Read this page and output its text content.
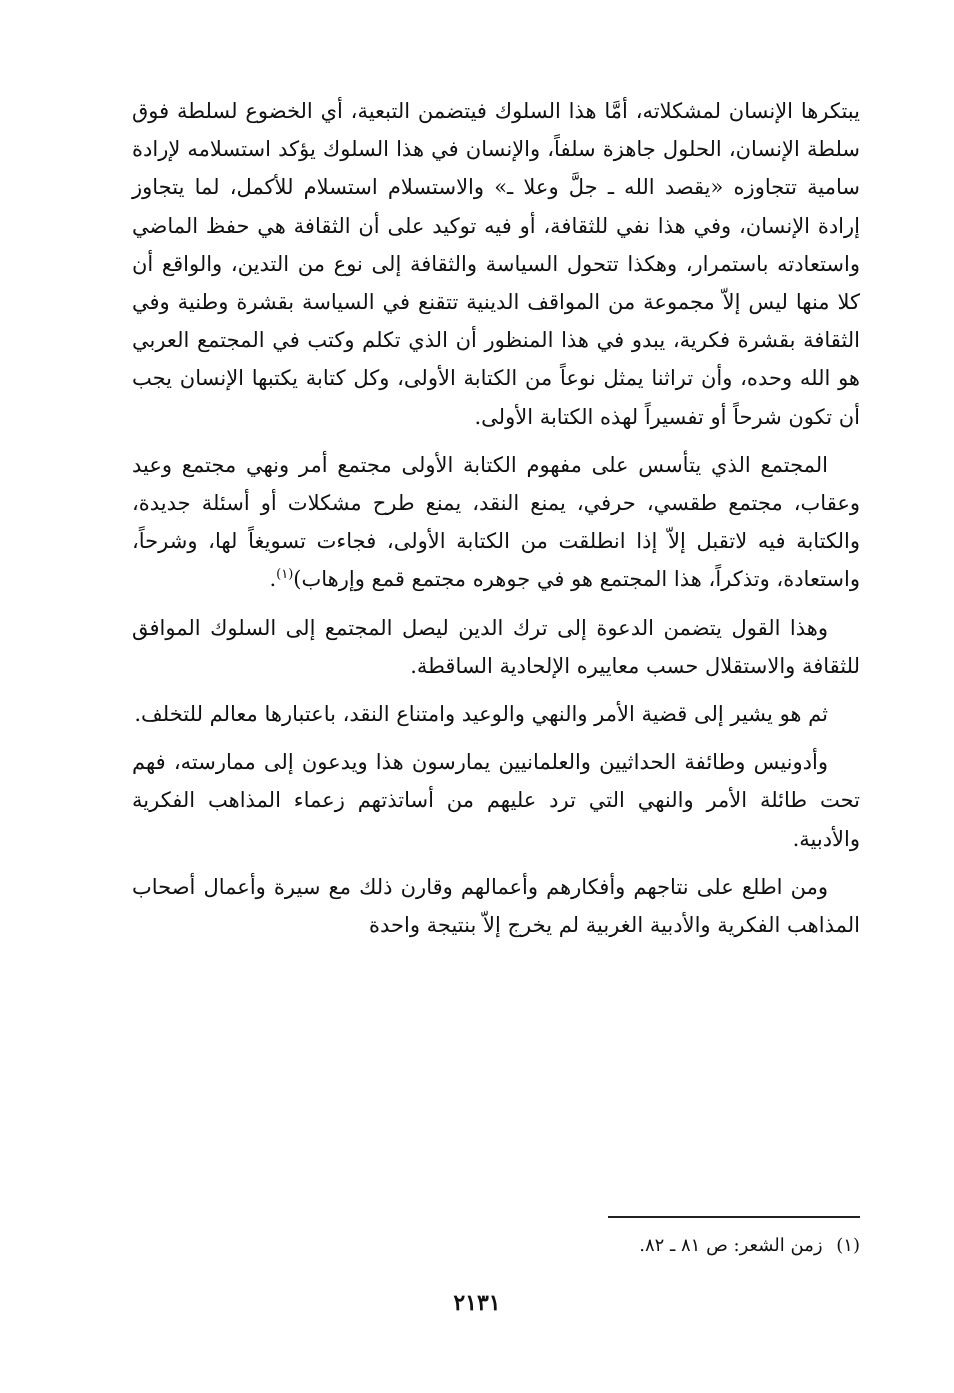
يبتكرها الإنسان لمشكلاته، أمَّا هذا السلوك فيتضمن التبعية، أي الخضوع لسلطة فوق سلطة الإنسان، الحلول جاهزة سلفاً، والإنسان في هذا السلوك يؤكد استسلامه لإرادة سامية تتجاوزه «يقصد الله ـ جلَّ وعلا ـ» والاستسلام استسلام للأكمل، لما يتجاوز إرادة الإنسان، وفي هذا نفي للثقافة، أو فيه توكيد على أن الثقافة هي حفظ الماضي واستعادته باستمرار، وهكذا تتحول السياسة والثقافة إلى نوع من التدين، والواقع أن كلا منها ليس إلاّ مجموعة من المواقف الدينية تتقنع في السياسة بقشرة وطنية وفي الثقافة بقشرة فكرية، يبدو في هذا المنظور أن الذي تكلم وكتب في المجتمع العربي هو الله وحده، وأن تراثنا يمثل نوعاً من الكتابة الأولى، وكل كتابة يكتبها الإنسان يجب أن تكون شرحاً أو تفسيراً لهذه الكتابة الأولى.

المجتمع الذي يتأسس على مفهوم الكتابة الأولى مجتمع أمر ونهي مجتمع وعيد وعقاب، مجتمع طقسي، حرفي، يمنع النقد، يمنع طرح مشكلات أو أسئلة جديدة، والكتابة فيه لاتقبل إلاّ إذا انطلقت من الكتابة الأولى، فجاءت تسويغاً لها، وشرحاً، واستعادة، وتذكراً، هذا المجتمع هو في جوهره مجتمع قمع وإرهاب)$^{(١)}$.

وهذا القول يتضمن الدعوة إلى ترك الدين ليصل المجتمع إلى السلوك الموافق للثقافة والاستقلال حسب معاييره الإلحادية الساقطة.

ثم هو يشير إلى قضية الأمر والنهي والوعيد وامتناع النقد، باعتبارها معالم للتخلف.

وأدونيس وطائفة الحداثيين والعلمانيين يمارسون هذا ويدعون إلى ممارسته، فهم تحت طائلة الأمر والنهي التي ترد عليهم من أساتذتهم زعماء المذاهب الفكرية والأدبية.

ومن اطلع على نتاجهم وأفكارهم وأعمالهم وقارن ذلك مع سيرة وأعمال أصحاب المذاهب الفكرية والأدبية الغربية لم يخرج إلاّ بنتيجة واحدة

(١) زمن الشعر: ص ٨١ ـ ٨٢.
٢١٣١
